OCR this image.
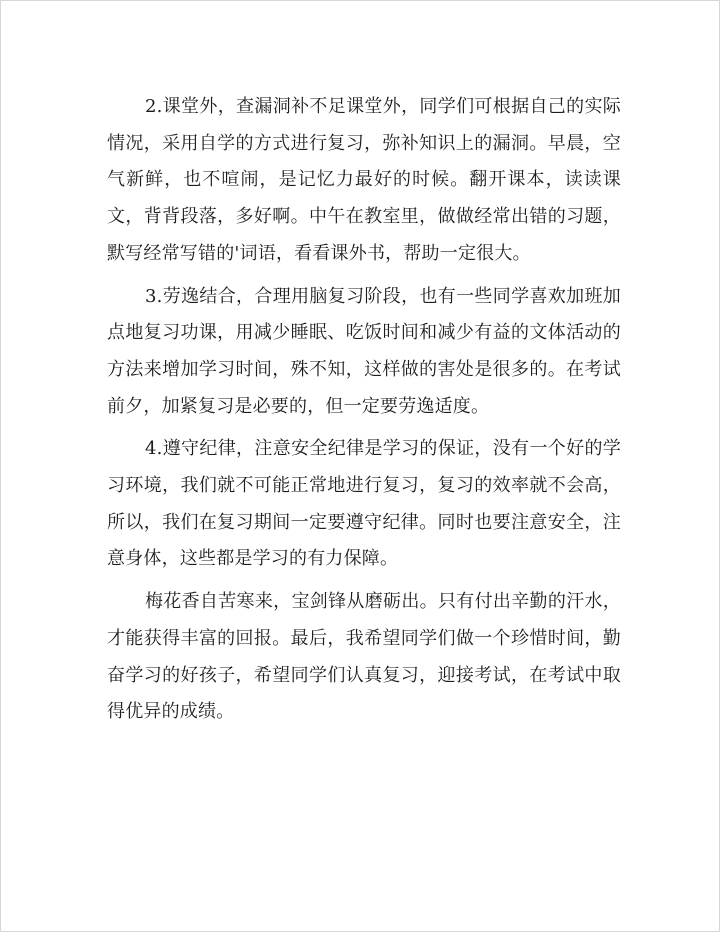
2.课堂外，查漏洞补不足课堂外，同学们可根据自己的实际情况，采用自学的方式进行复习，弥补知识上的漏洞。早晨，空气新鲜，也不喧闹，是记忆力最好的时候。翻开课本，读读课文，背背段落，多好啊。中午在教室里，做做经常出错的习题，默写经常写错的'词语，看看课外书，帮助一定很大。

3.劳逸结合，合理用脑复习阶段，也有一些同学喜欢加班加点地复习功课，用减少睡眠、吃饭时间和减少有益的文体活动的方法来增加学习时间，殊不知，这样做的害处是很多的。在考试前夕，加紧复习是必要的，但一定要劳逸适度。

4.遵守纪律，注意安全纪律是学习的保证，没有一个好的学习环境，我们就不可能正常地进行复习，复习的效率就不会高，所以，我们在复习期间一定要遵守纪律。同时也要注意安全，注意身体，这些都是学习的有力保障。

梅花香自苦寒来，宝剑锋从磨砺出。只有付出辛勤的汗水，才能获得丰富的回报。最后，我希望同学们做一个珍惜时间，勤奋学习的好孩子，希望同学们认真复习，迎接考试，在考试中取得优异的成绩。
